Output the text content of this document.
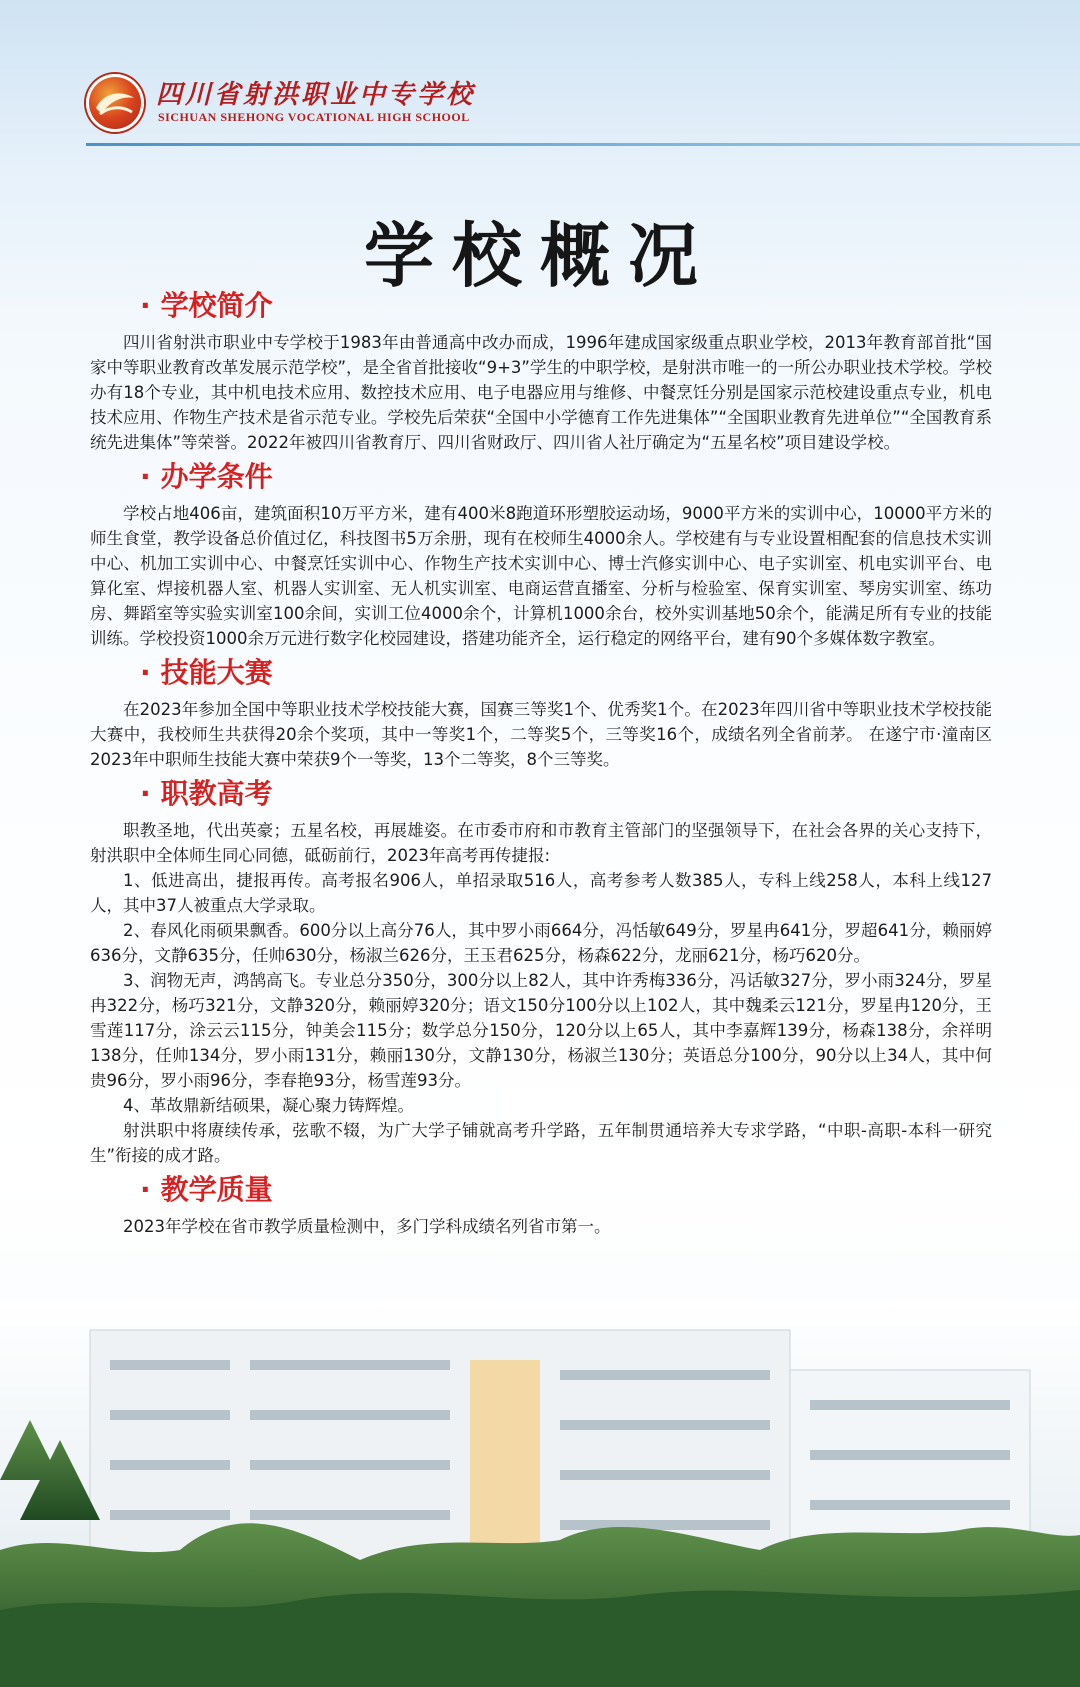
四川省射洪职业中专学校
SICHUAN SHEHONG VOCATIONAL HIGH SCHOOL
学校概况
· 学校简介

四川省射洪市职业中专学校于1983年由普通高中改办而成，1996年建成国家级重点职业学校，2013年教育部首批“国家中等职业教育改革发展示范学校”，是全省首批接收“9+3”学生的中职学校，是射洪市唯一的一所公办职业技术学校。学校办有18个专业，其中机电技术应用、数控技术应用、电子电器应用与维修、中餐烹饪分别是国家示范校建设重点专业，机电技术应用、作物生产技术是省示范专业。学校先后荣获“全国中小学德育工作先进集体”“全国职业教育先进单位”“全国教育系统先进集体”等荣誉。2022年被四川省教育厅、四川省财政厅、四川省人社厅确定为“五星名校”项目建设学校。

· 办学条件

学校占地406亩，建筑面积10万平方米，建有400米8跑道环形塑胶运动场，9000平方米的实训中心，10000平方米的师生食堂，教学设备总价值过亿，科技图书5万余册，现有在校师生4000余人。学校建有与专业设置相配套的信息技术实训中心、机加工实训中心、中餐烹饪实训中心、作物生产技术实训中心、博士汽修实训中心、电子实训室、机电实训平台、电算化室、焊接机器人室、机器人实训室、无人机实训室、电商运营直播室、分析与检验室、保育实训室、琴房实训室、练功房、舞蹈室等实验实训室100余间，实训工位4000余个，计算机1000余台，校外实训基地50余个，能满足所有专业的技能训练。学校投资1000余万元进行数字化校园建设，搭建功能齐全，运行稳定的网络平台，建有90个多媒体数字教室。

· 技能大赛

在2023年参加全国中等职业技术学校技能大赛，国赛三等奖1个、优秀奖1个。在2023年四川省中等职业技术学校技能大赛中，我校师生共获得20余个奖项，其中一等奖1个，二等奖5个，三等奖16个，成绩名列全省前茅。 在遂宁市·潼南区2023年中职师生技能大赛中荣获9个一等奖，13个二等奖，8个三等奖。

· 职教高考

职教圣地，代出英豪；五星名校，再展雄姿。在市委市府和市教育主管部门的坚强领导下，在社会各界的关心支持下，射洪职中全体师生同心同德，砥砺前行，2023年高考再传捷报:

1、低进高出，捷报再传。高考报名906人，单招录取516人，高考参考人数385人，专科上线258人，本科上线127人，其中37人被重点大学录取。

2、春风化雨硕果飘香。600分以上高分76人，其中罗小雨664分，冯恬敏649分，罗星冉641分，罗超641分，赖丽婷636分，文静635分，任帅630分，杨淑兰626分，王玉君625分，杨森622分，龙丽621分，杨巧620分。

3、润物无声，鸿鹄高飞。专业总分350分，300分以上82人，其中许秀梅336分，冯话敏327分，罗小雨324分，罗星冉322分，杨巧321分，文静320分，赖丽婷320分；语文150分100分以上102人，其中魏柔云121分，罗星冉120分，王雪莲117分，涂云云115分，钟美会115分；数学总分150分，120分以上65人，其中李嘉辉139分，杨森138分，余祥明138分，任帅134分，罗小雨131分，赖丽130分，文静130分，杨淑兰130分；英语总分100分，90分以上34人，其中何贵96分，罗小雨96分，李春艳93分，杨雪莲93分。

4、革故鼎新结硕果，凝心聚力铸辉煌。

射洪职中将赓续传承，弦歌不辍，为广大学子铺就高考升学路，五年制贯通培养大专求学路，“中职-高职-本科一研究生”衔接的成才路。

· 教学质量

2023年学校在省市教学质量检测中，多门学科成绩名列省市第一。
